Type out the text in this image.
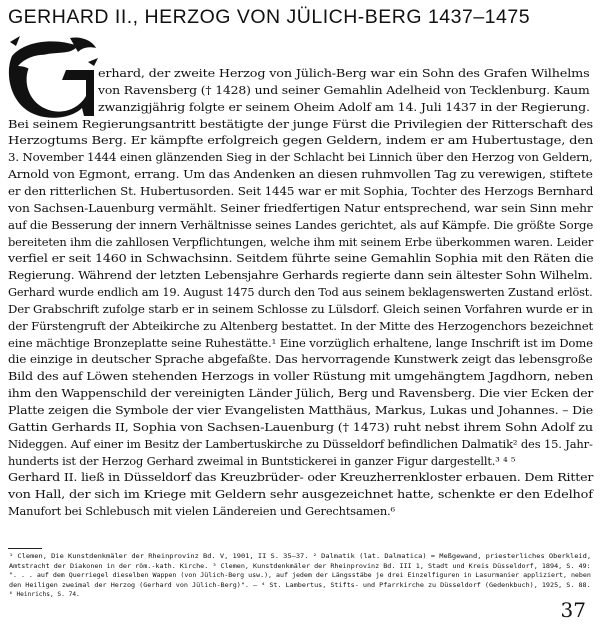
GERHARD II., HERZOG VON JÜLICH-BERG 1437–1475
erhard, der zweite Herzog von Jülich-Berg war ein Sohn des Grafen Wilhelms
von Ravensberg († 1428) und seiner Gemahlin Adelheid von Tecklenburg. Kaum
zwanzigjährig folgte er seinem Oheim Adolf am 14. Juli 1437 in der Regierung.
Bei seinem Regierungsantritt bestätigte der junge Fürst die Privilegien der Ritterschaft des
Herzogtums Berg. Er kämpfte erfolgreich gegen Geldern, indem er am Hubertustage, den
3. November 1444 einen glänzenden Sieg in der Schlacht bei Linnich über den Herzog von Geldern,
Arnold von Egmont, errang. Um das Andenken an diesen ruhmvollen Tag zu verewigen, stiftete
er den ritterlichen St. Hubertusorden. Seit 1445 war er mit Sophia, Tochter des Herzogs Bernhard
von Sachsen-Lauenburg vermählt. Seiner friedfertigen Natur entsprechend, war sein Sinn mehr
auf die Besserung der innern Verhältnisse seines Landes gerichtet, als auf Kämpfe. Die größte Sorge
bereiteten ihm die zahllosen Verpflichtungen, welche ihm mit seinem Erbe überkommen waren. Leider
verfiel er seit 1460 in Schwachsinn. Seitdem führte seine Gemahlin Sophia mit den Räten die
Regierung. Während der letzten Lebensjahre Gerhards regierte dann sein ältester Sohn Wilhelm.
Gerhard wurde endlich am 19. August 1475 durch den Tod aus seinem beklagenswerten Zustand erlöst.
Der Grabschrift zufolge starb er in seinem Schlosse zu Lülsdorf. Gleich seinen Vorfahren wurde er in
der Fürstengruft der Abteikirche zu Altenberg bestattet. In der Mitte des Herzogenchors bezeichnet
eine mächtige Bronzeplatte seine Ruhestätte.¹ Eine vorzüglich erhaltene, lange Inschrift ist im Dome
die einzige in deutscher Sprache abgefaßte. Das hervorragende Kunstwerk zeigt das lebensgroße
Bild des auf Löwen stehenden Herzogs in voller Rüstung mit umgehängtem Jagdhorn, neben
ihm den Wappenschild der vereinigten Länder Jülich, Berg und Ravensberg. Die vier Ecken der
Platte zeigen die Symbole der vier Evangelisten Matthäus, Markus, Lukas und Johannes. – Die
Gattin Gerhards II, Sophia von Sachsen-Lauenburg († 1473) ruht nebst ihrem Sohn Adolf zu
Nideggen. Auf einer im Besitz der Lambertuskirche zu Düsseldorf befindlichen Dalmatik² des 15. Jahr-
hunderts ist der Herzog Gerhard zweimal in Buntstickerei in ganzer Figur dargestellt.³ ⁴ ⁵
Gerhard II. ließ in Düsseldorf das Kreuzbrüder- oder Kreuzherrenkloster erbauen. Dem Ritter
von Hall, der sich im Kriege mit Geldern sehr ausgezeichnet hatte, schenkte er den Edelhof
Manufort bei Schlebusch mit vielen Ländereien und Gerechtsamen.⁶
¹ Clemen, Die Kunstdenkmäler der Rheinprovinz Bd. V, 1901, II S. 35–37. ² Dalmatik (lat. Dalmatica) = Meßgewand, priesterliches Oberkleid,
Amtstracht der Diakonen in der röm.-kath. Kirche. ³ Clemen, Kunstdenkmäler der Rheinprovinz Bd. III 1, Stadt und Kreis Düsseldorf, 1894, S. 49:
". . . auf dem Querriegel dieselben Wappen (von Jülich-Berg usw.), auf jedem der Längsstäbe je drei Einzelfiguren in Lasurmanier appliziert, neben
den Heiligen zweimal der Herzog (Gerhard von Jülich-Berg)". – ⁴ St. Lambertus, Stifts- und Pfarrkirche zu Düsseldorf (Gedenkbuch), 1925, S. 88.
⁶ Heinrichs, S. 74.
37
